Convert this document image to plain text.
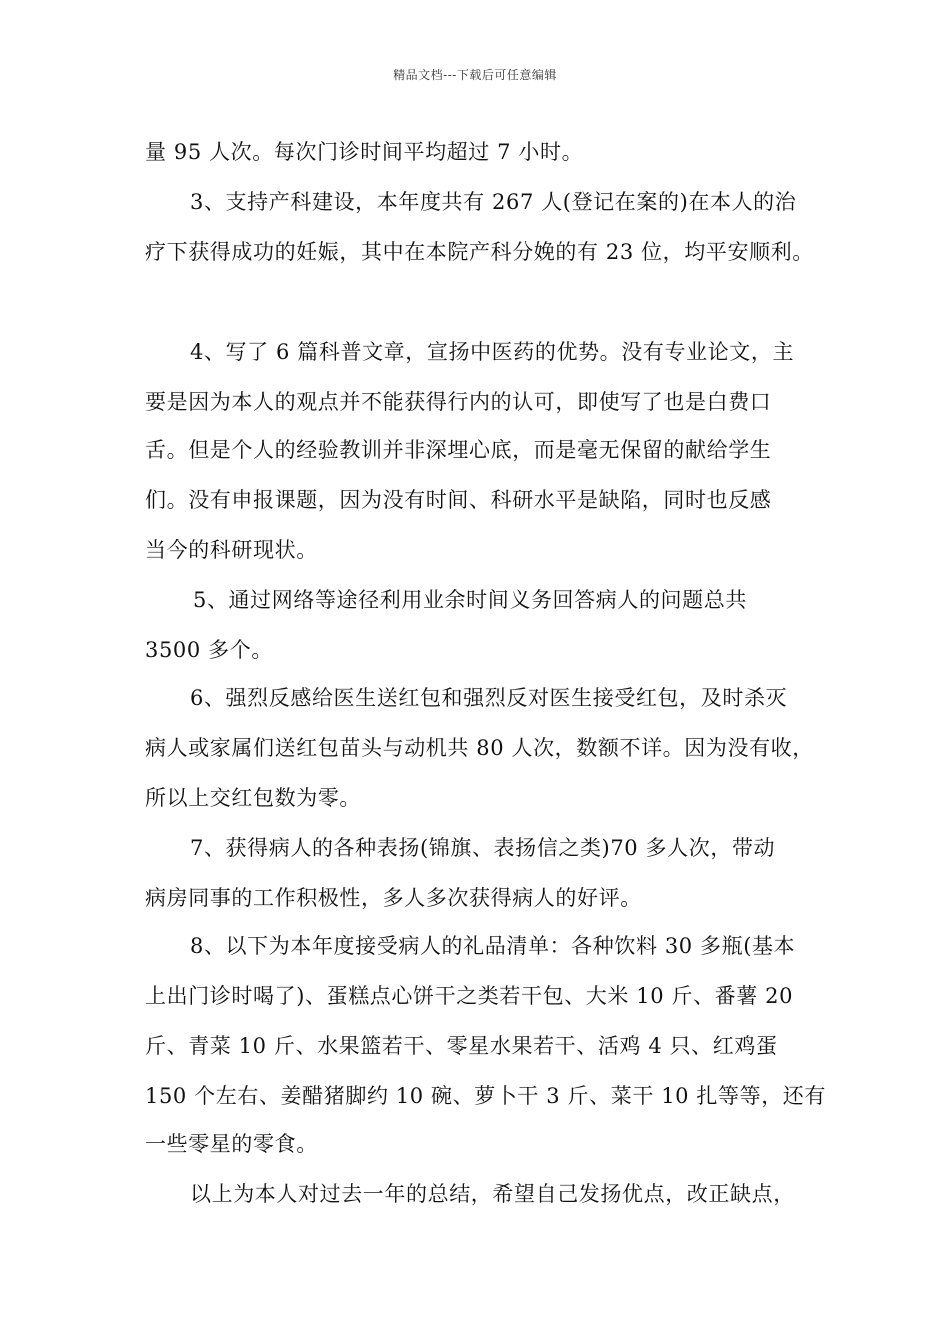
精品文档---下载后可任意编辑
量 95 人次。每次门诊时间平均超过 7 小时。
3、支持产科建设，本年度共有 267 人(登记在案的)在本人的治
疗下获得成功的妊娠，其中在本院产科分娩的有 23 位，均平安顺利。
4、写了 6 篇科普文章，宣扬中医药的优势。没有专业论文，主
要是因为本人的观点并不能获得行内的认可，即使写了也是白费口
舌。但是个人的经验教训并非深埋心底，而是毫无保留的献给学生
们。没有申报课题，因为没有时间、科研水平是缺陷，同时也反感
当今的科研现状。
5、通过网络等途径利用业余时间义务回答病人的问题总共
3500 多个。
6、强烈反感给医生送红包和强烈反对医生接受红包，及时杀灭
病人或家属们送红包苗头与动机共 80 人次，数额不详。因为没有收，
所以上交红包数为零。
7、获得病人的各种表扬(锦旗、表扬信之类)70 多人次，带动
病房同事的工作积极性，多人多次获得病人的好评。
8、以下为本年度接受病人的礼品清单：各种饮料 30 多瓶(基本
上出门诊时喝了)、蛋糕点心饼干之类若干包、大米 10 斤、番薯 20
斤、青菜 10 斤、水果篮若干、零星水果若干、活鸡 4 只、红鸡蛋
150 个左右、姜醋猪脚约 10 碗、萝卜干 3 斤、菜干 10 扎等等，还有
一些零星的零食。
以上为本人对过去一年的总结，希望自己发扬优点，改正缺点，
